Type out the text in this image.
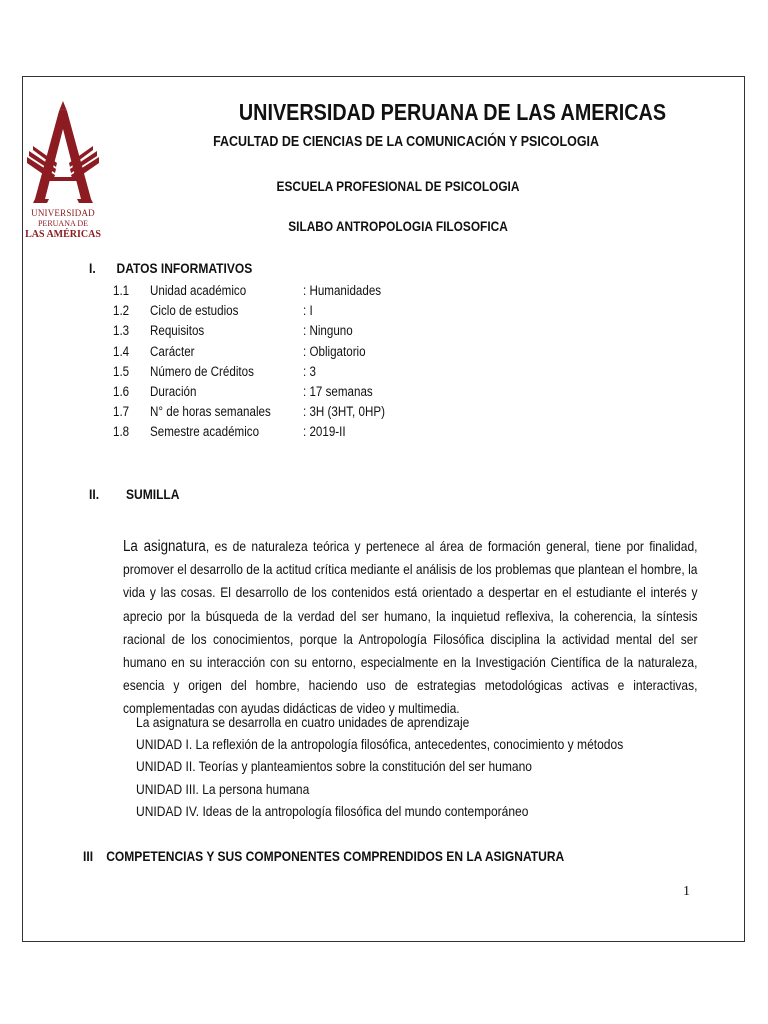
UNIVERSIDAD
PERUANA DE
LAS AMÉRICAS
UNIVERSIDAD PERUANA DE LAS AMERICAS
FACULTAD DE CIENCIAS DE LA COMUNICACIÓN Y PSICOLOGIA
ESCUELA PROFESIONAL DE PSICOLOGIA
SILABO ANTROPOLOGIA FILOSOFICA
I. DATOS INFORMATIVOS
1.1 Unidad académico	: Humanidades
1.2 Ciclo de estudios	: I
1.3 Requisitos	: Ninguno
1.4 Carácter	: Obligatorio
1.5 Número de Créditos	: 3
1.6 Duración	: 17 semanas
1.7 N° de horas semanales : 3H (3HT, 0HP)
1.8 Semestre académico	: 2019-II
II. SUMILLA
La asignatura, es de naturaleza teórica y pertenece al área de formación general, tiene por finalidad, promover el desarrollo de la actitud crítica mediante el análisis de los problemas que plantean el hombre, la vida y las cosas. El desarrollo de los contenidos está orientado a despertar en el estudiante el interés y aprecio por la búsqueda de la verdad del ser humano, la inquietud reflexiva, la coherencia, la síntesis racional de los conocimientos, porque la Antropología Filosófica disciplina la actividad mental del ser humano en su interacción con su entorno, especialmente en la Investigación Científica de la naturaleza, esencia y origen del hombre, haciendo uso de estrategias metodológicas activas e interactivas, complementadas con ayudas didácticas de video y multimedia.
La asignatura se desarrolla en cuatro unidades de aprendizaje
UNIDAD I. La reflexión de la antropología filosófica, antecedentes, conocimiento y métodos
UNIDAD II. Teorías y planteamientos sobre la constitución del ser humano
UNIDAD III. La persona humana
UNIDAD IV. Ideas de la antropología filosófica del mundo contemporáneo
III COMPETENCIAS Y SUS COMPONENTES COMPRENDIDOS EN LA ASIGNATURA
1
